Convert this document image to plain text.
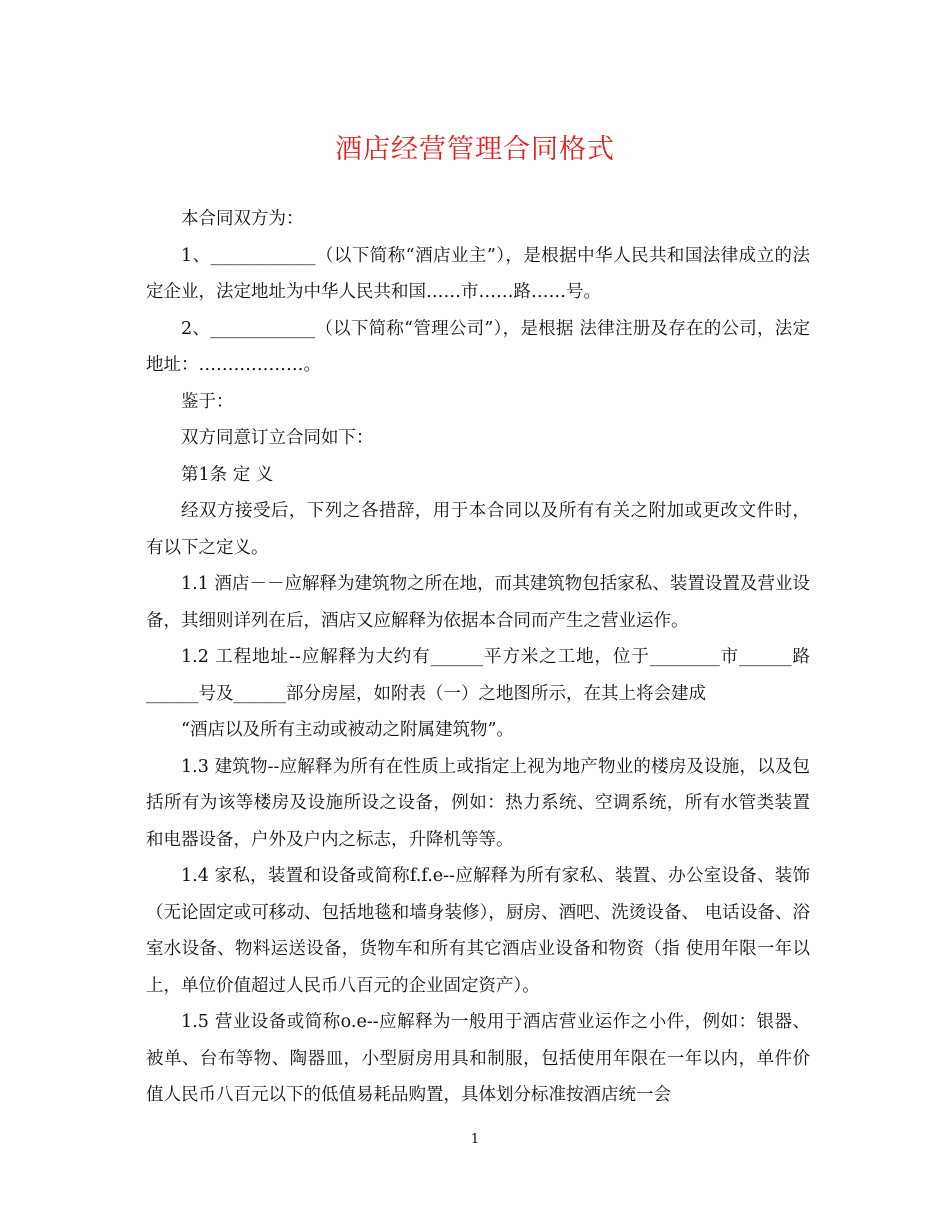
酒店经营管理合同格式

本合同双方为：

1、____________（以下简称“酒店业主”），是根据中华人民共和国法律成立的法定企业，法定地址为中华人民共和国……市……路……号。

2、____________（以下简称“管理公司”），是根据 法律注册及存在的公司，法定地址：………………。

鉴于：

双方同意订立合同如下：

第1条 定 义

经双方接受后，下列之各措辞，用于本合同以及所有有关之附加或更改文件时，有以下之定义。

1.1 酒店－－应解释为建筑物之所在地，而其建筑物包括家私、装置设置及营业设备，其细则详列在后，酒店又应解释为依据本合同而产生之营业运作。

1.2 工程地址--应解释为大约有______平方米之工地，位于________市______路______号及______部分房屋，如附表（一）之地图所示，在其上将会建成

“酒店以及所有主动或被动之附属建筑物”。

1.3 建筑物--应解释为所有在性质上或指定上视为地产物业的楼房及设施，以及包括所有为该等楼房及设施所设之设备，例如：热力系统、空调系统，所有水管类装置和电器设备，户外及户内之标志，升降机等等。

1.4 家私，装置和设备或简称f.f.e--应解释为所有家私、装置、办公室设备、装饰（无论固定或可移动、包括地毯和墙身装修），厨房、酒吧、洗烫设备、 电话设备、浴室水设备、物料运送设备，货物车和所有其它酒店业设备和物资（指 使用年限一年以上，单位价值超过人民币八百元的企业固定资产）。

1.5 营业设备或简称o.e--应解释为一般用于酒店营业运作之小件，例如：银器、被单、台布等物、陶器皿，小型厨房用具和制服，包括使用年限在一年以内，单件价值人民币八百元以下的低值易耗品购置，具体划分标准按酒店统一会

1
